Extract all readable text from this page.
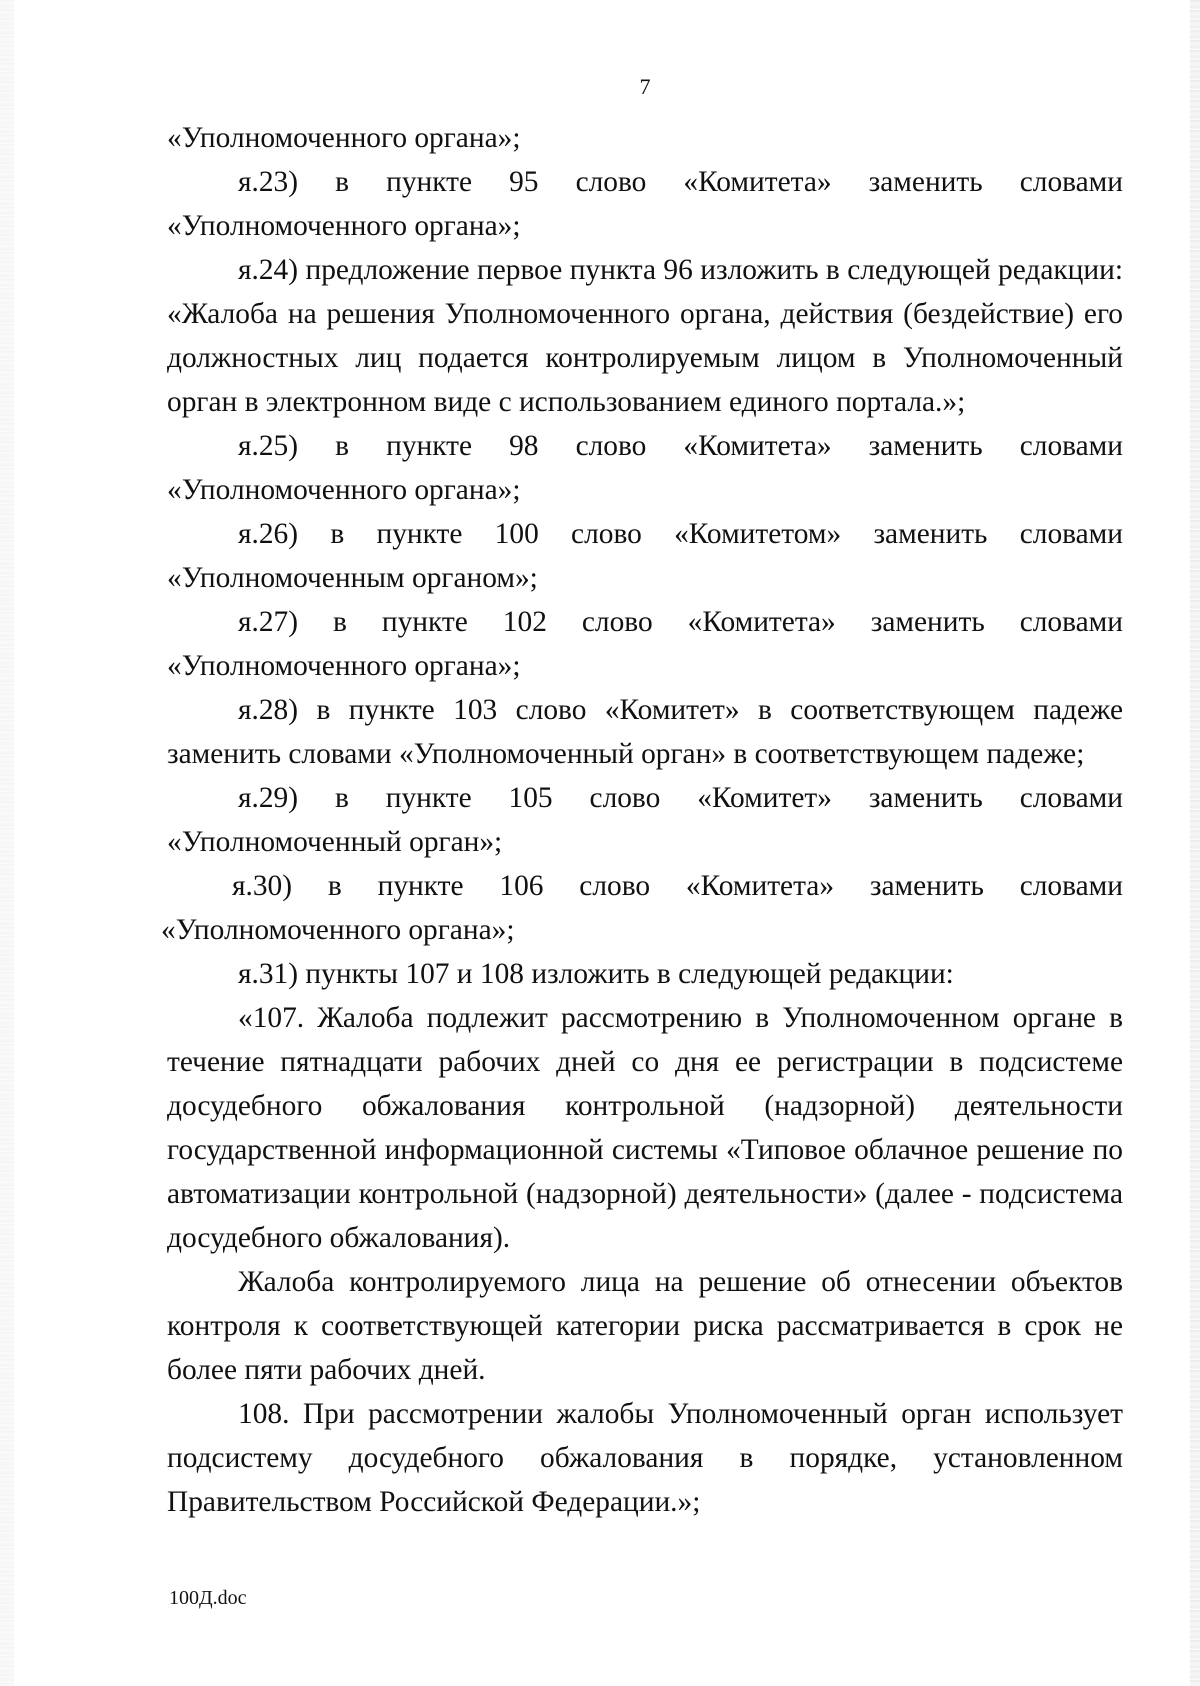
7

«Уполномоченного органа»;

я.23) в пункте 95 слово «Комитета» заменить словами «Уполномоченного органа»;

я.24) предложение первое пункта 96 изложить в следующей редакции: «Жалоба на решения Уполномоченного органа, действия (бездействие) его должностных лиц подается контролируемым лицом в Уполномоченный орган в электронном виде с использованием единого портала.»;

я.25) в пункте 98 слово «Комитета» заменить словами «Уполномоченного органа»;

я.26) в пункте 100 слово «Комитетом» заменить словами «Уполномоченным органом»;

я.27) в пункте 102 слово «Комитета» заменить словами «Уполномоченного органа»;

я.28) в пункте 103 слово «Комитет» в соответствующем падеже заменить словами «Уполномоченный орган» в соответствующем падеже;

я.29) в пункте 105 слово «Комитет» заменить словами «Уполномоченный орган»;

я.30) в пункте 106 слово «Комитета» заменить словами «Уполномоченного органа»;

я.31) пункты 107 и 108 изложить в следующей редакции:

«107. Жалоба подлежит рассмотрению в Уполномоченном органе в течение пятнадцати рабочих дней со дня ее регистрации в подсистеме досудебного обжалования контрольной (надзорной) деятельности государственной информационной системы «Типовое облачное решение по автоматизации контрольной (надзорной) деятельности» (далее - подсистема досудебного обжалования).

Жалоба контролируемого лица на решение об отнесении объектов контроля к соответствующей категории риска рассматривается в срок не более пяти рабочих дней.

108. При рассмотрении жалобы Уполномоченный орган использует подсистему досудебного обжалования в порядке, установленном Правительством Российской Федерации.»;

100Д.doc
